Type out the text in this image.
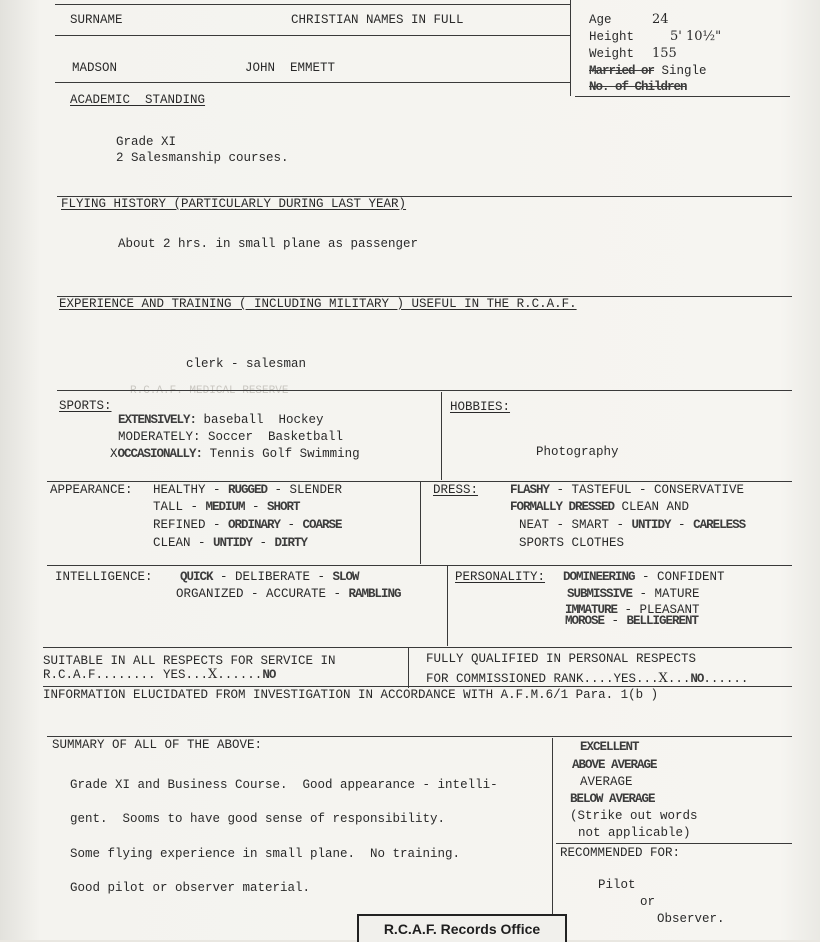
R.C.A.F. MEDICAL RESERVE
SURNAME	CHRISTIAN NAMES IN FULL
MADSON	JOHN  EMMETT
Age	24
Height	5' 10½"
Weight 155
Married or Single
No. of Children
ACADEMIC  STANDING
Grade XI
2 Salesmanship courses.
FLYING HISTORY (PARTICULARLY DURING LAST YEAR)
About 2 hrs. in small plane as passenger
EXPERIENCE AND TRAINING ( INCLUDING MILITARY ) USEFUL IN THE R.C.A.F.
clerk - salesman
SPORTS:
EXTENSIVELY: baseball  Hockey
MODERATELY: Soccer  Basketball
XOCCASIONALLY: Tennis Golf Swimming
HOBBIES:
Photography
APPEARANCE: HEALTHY - RUGGED - SLENDER
TALL - MEDIUM - SHORT
REFINED - ORDINARY - COARSE
CLEAN - UNTIDY - DIRTY
DRESS:	FLASHY - TASTEFUL - CONSERVATIVE
FORMALLY DRESSED CLEAN AND
NEAT - SMART - UNTIDY - CARELESS
SPORTS CLOTHES
INTELLIGENCE: QUICK - DELIBERATE - SLOW
ORGANIZED - ACCURATE - RAMBLING
PERSONALITY: DOMINEERING - CONFIDENT
SUBMISSIVE - MATURE
IMMATURE - PLEASANT
MOROSE - BELLIGERENT
SUITABLE IN ALL RESPECTS FOR SERVICE IN
R.C.A.F........ YES...X......NO
FULLY QUALIFIED IN PERSONAL RESPECTS
FOR COMMISSIONED RANK....YES...X...NO......
INFORMATION ELUCIDATED FROM INVESTIGATION IN ACCORDANCE WITH A.F.M.6/1 Para. 1(b )
SUMMARY OF ALL OF THE ABOVE:
Grade XI and Business Course.  Good appearance - intelli-
gent.  Sooms to have good sense of responsibility.
Some flying experience in small plane.  No training.
Good pilot or observer material.
EXCELLENT
ABOVE AVERAGE
AVERAGE
BELOW AVERAGE
(Strike out words
not applicable)
RECOMMENDED FOR:
Pilot
or
Observer.
R.C.A.F. Records Office
